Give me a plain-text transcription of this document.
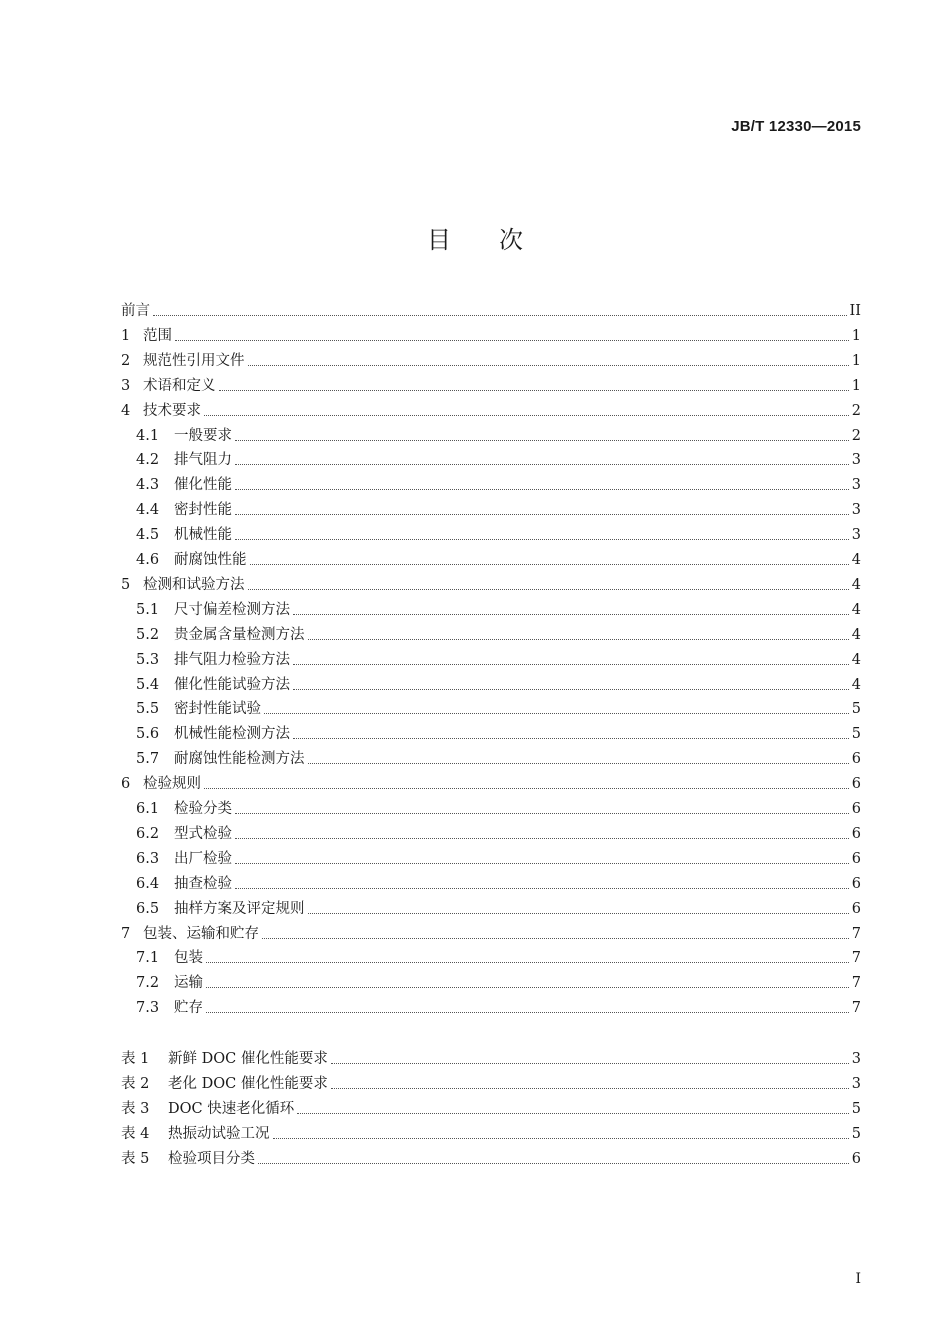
JB/T 12330—2015
目次
前言	II
1 范围	1
2 规范性引用文件	1
3 术语和定义	1
4 技术要求	2
4.1	一般要求	2
4.2	排气阻力	3
4.3	催化性能	3
4.4	密封性能	3
4.5	机械性能	3
4.6	耐腐蚀性能	4
5 检测和试验方法	4
5.1	尺寸偏差检测方法	4
5.2	贵金属含量检测方法	4
5.3	排气阻力检验方法	4
5.4	催化性能试验方法	4
5.5	密封性能试验	5
5.6	机械性能检测方法	5
5.7	耐腐蚀性能检测方法	6
6 检验规则	6
6.1	检验分类	6
6.2	型式检验	6
6.3	出厂检验	6
6.4	抽查检验	6
6.5	抽样方案及评定规则	6
7 包装、运输和贮存	7
7.1	包装	7
7.2	运输	7
7.3	贮存	7
表 1	新鲜 DOC 催化性能要求	3
表 2	老化 DOC 催化性能要求	3
表 3	DOC 快速老化循环	5
表 4	热振动试验工况	5
表 5	检验项目分类	6
I
